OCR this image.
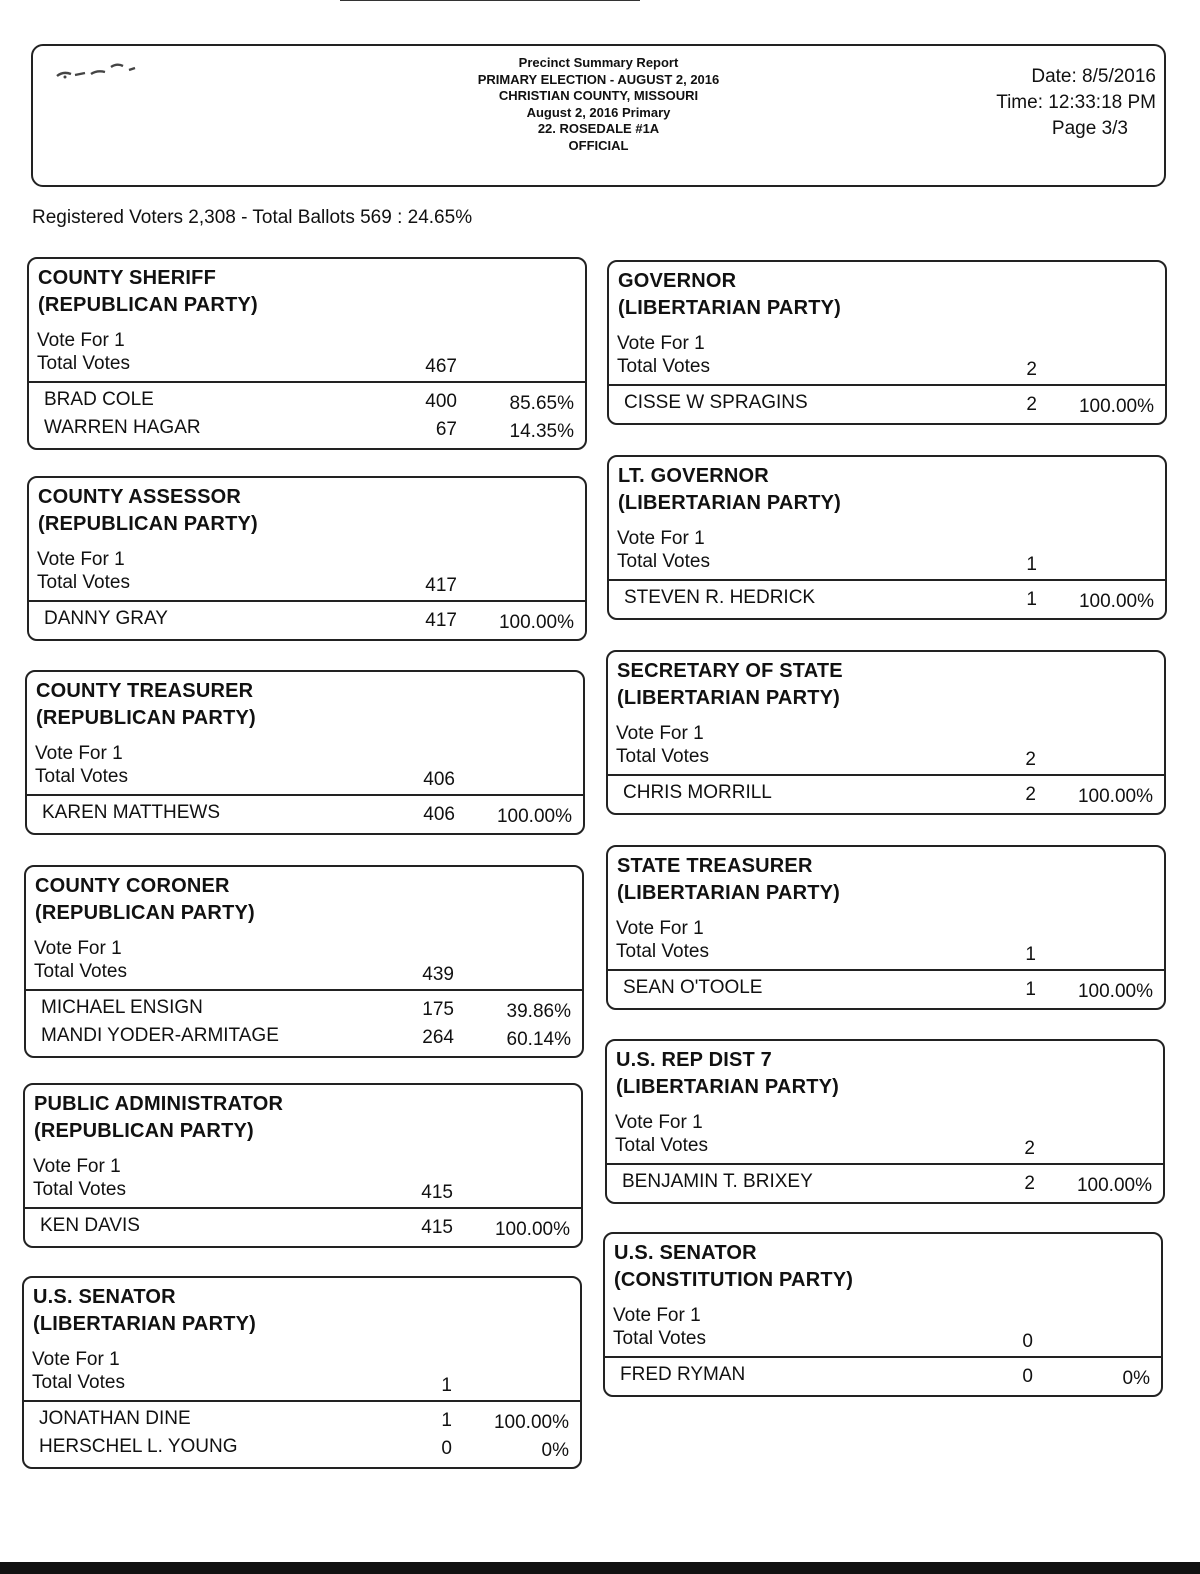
Precinct Summary Report
PRIMARY ELECTION - AUGUST 2, 2016
CHRISTIAN COUNTY, MISSOURI
August 2, 2016 Primary
22. ROSEDALE #1A
OFFICIAL
Date: 8/5/2016
Time: 12:33:18 PM
Page 3/3
Registered Voters 2,308 - Total Ballots 569 : 24.65%
COUNTY SHERIFF
(REPUBLICAN PARTY)
Vote For 1
Total Votes	467
BRAD COLE	400	85.65%
WARREN HAGAR	67	14.35%
COUNTY ASSESSOR
(REPUBLICAN PARTY)
Vote For 1
Total Votes	417
DANNY GRAY	417 100.00%
COUNTY TREASURER
(REPUBLICAN PARTY)
Vote For 1
Total Votes	406
KAREN MATTHEWS	406 100.00%
COUNTY CORONER
(REPUBLICAN PARTY)
Vote For 1
Total Votes	439
MICHAEL ENSIGN	175	39.86%
MANDI YODER-ARMITAGE	264	60.14%
PUBLIC ADMINISTRATOR
(REPUBLICAN PARTY)
Vote For 1
Total Votes	415
KEN DAVIS	415 100.00%
U.S. SENATOR
(LIBERTARIAN PARTY)
Vote For 1
Total Votes	1
JONATHAN DINE	1 100.00%
HERSCHEL L. YOUNG	0	0%
GOVERNOR
(LIBERTARIAN PARTY)
Vote For 1
Total Votes	2
CISSE W SPRAGINS	2 100.00%
LT. GOVERNOR
(LIBERTARIAN PARTY)
Vote For 1
Total Votes	1
STEVEN R. HEDRICK	1 100.00%
SECRETARY OF STATE
(LIBERTARIAN PARTY)
Vote For 1
Total Votes	2
CHRIS MORRILL	2 100.00%
STATE TREASURER
(LIBERTARIAN PARTY)
Vote For 1
Total Votes	1
SEAN O'TOOLE	1 100.00%
U.S. REP DIST 7
(LIBERTARIAN PARTY)
Vote For 1
Total Votes	2
BENJAMIN T. BRIXEY	2 100.00%
U.S. SENATOR
(CONSTITUTION PARTY)
Vote For 1
Total Votes	0
FRED RYMAN	0	0%
